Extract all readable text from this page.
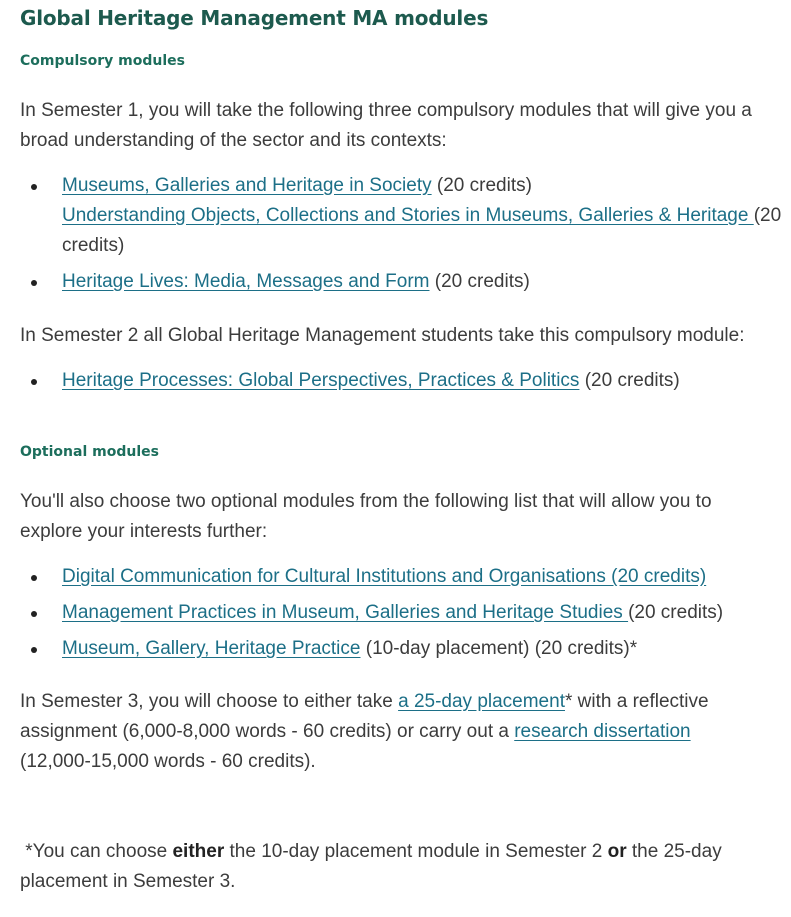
Global Heritage Management MA modules
Compulsory modules

In Semester 1, you will take the following three compulsory modules that will give you a broad understanding of the sector and its contexts:

Museums, Galleries and Heritage in Society (20 credits)
Understanding Objects, Collections and Stories in Museums, Galleries & Heritage (20 credits)
Heritage Lives: Media, Messages and Form (20 credits)

In Semester 2 all Global Heritage Management students take this compulsory module:

Heritage Processes: Global Perspectives, Practices & Politics (20 credits)
Optional modules

You'll also choose two optional modules from the following list that will allow you to explore your interests further:

Digital Communication for Cultural Institutions and Organisations (20 credits)
Management Practices in Museum, Galleries and Heritage Studies (20 credits)
Museum, Gallery, Heritage Practice (10-day placement) (20 credits)*

In Semester 3, you will choose to either take a 25-day placement* with a reflective assignment (6,000-8,000 words - 60 credits) or carry out a research dissertation (12,000-15,000 words - 60 credits).

*You can choose either the 10-day placement module in Semester 2 or the 25-day placement in Semester 3.
